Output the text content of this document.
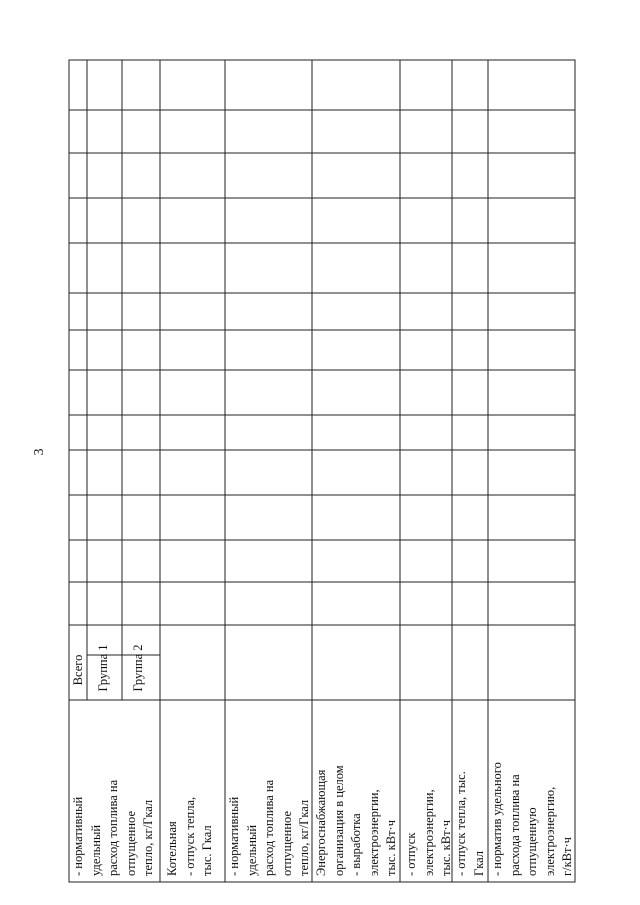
3
Всего Группа 1 Группа 2
- нормативный удельный расход топлива на отпущенное тепло, кг/Гкал Котельная - отпуск тепла, тыс. Гкал - нормативный удельный расход топлива на отпущенное тепло, кг/Гкал Энергоснабжающая организация в целом - выработка электроэнергии, тыс. кВт·ч - отпуск электроэнергии, тыс. кВт·ч - отпуск тепла, тыс. Гкал - норматив удельного расхода топлива на отпущенную электроэнергию, г/кВт·ч
